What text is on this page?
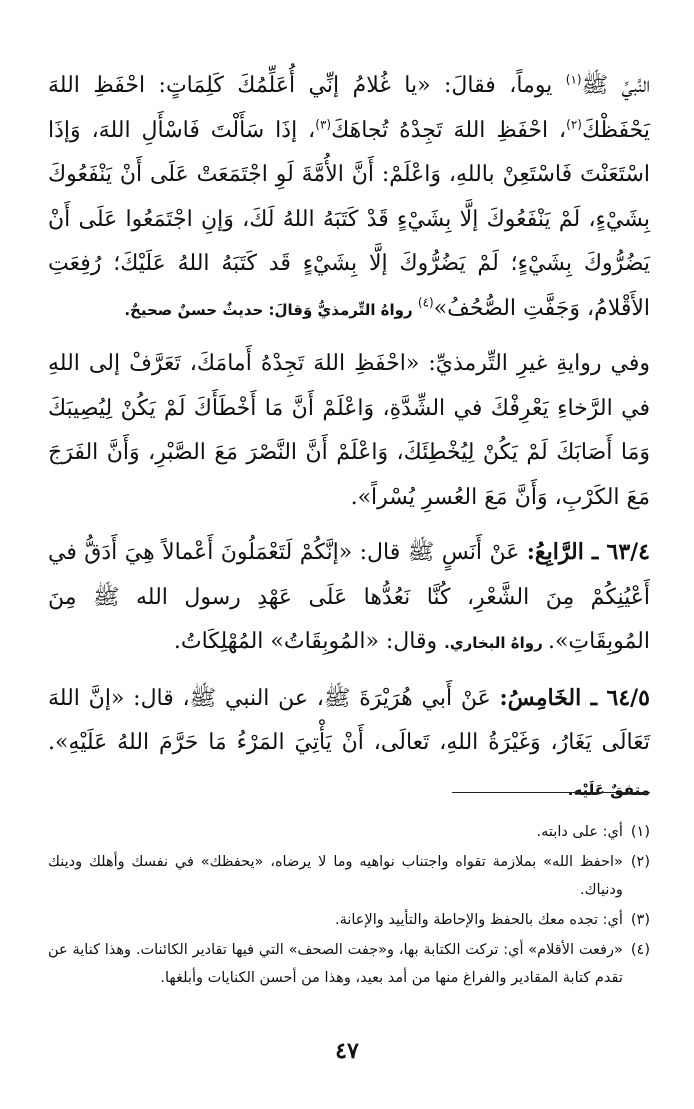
النَّبيِّ ﷺ$^{(١)}$ يوماً، فقالَ: «يا غُلامُ إنِّي أُعَلِّمُكَ كَلِمَاتٍ: احْفَظِ اللهَ يَحْفَظْكَ$^{(٢)}$، احْفَظِ اللهَ تَجِدْهُ تُجاهَكَ$^{(٣)}$، إذَا سَأَلْتَ فَاسْأَلِ اللهَ، وَإذَا اسْتَعَنْتَ فَاسْتَعِنْ باللهِ، وَاعْلَمْ: أَنَّ الأُمَّةَ لَوِ اجْتَمَعَتْ عَلَى أَنْ يَنْفَعُوكَ بِشَيْءٍ، لَمْ يَنْفَعُوكَ إلَّا بِشَيْءٍ قَدْ كَتَبَهُ اللهُ لَكَ، وَإنِ اجْتَمَعُوا عَلَى أَنْ يَضُرُّوكَ بِشَيْءٍ؛ لَمْ يَضُرُّوكَ إلَّا بِشَيْءٍ قَد كَتَبَهُ اللهُ عَلَيْكَ؛ رُفِعَتِ الأَقْلامُ، وَجَفَّتِ الصُّحُفُ»$^{(٤)}$ رواهُ التِّرمذيُّ وَقالَ: حديثٌ حسنٌ صحيحٌ.

وفي روايةِ غيرِ التِّرمذيِّ: «احْفَظِ اللهَ تَجِدْهُ أَمامَكَ، تَعَرَّفْ إلى اللهِ في الرَّخاءِ يَعْرِفْكَ في الشِّدَّةِ، وَاعْلَمْ أَنَّ مَا أَخْطَأَكَ لَمْ يَكُنْ لِيُصِيبَكَ وَمَا أَصَابَكَ لَمْ يَكُنْ لِيُخْطِئَكَ، وَاعْلَمْ أَنَّ النَّصْرَ مَعَ الصَّبْرِ، وَأَنَّ الفَرَجَ مَعَ الكَرْبِ، وَأَنَّ مَعَ العُسرِ يُسْراً».

٦٣/٤ ـ الرَّابِعُ: عَنْ أَنَسٍ ﷺ قال: «إنَّكُمْ لَتَعْمَلُونَ أَعْمالاً هِيَ أَدَقُّ في أَعْيُنِكُمْ مِنَ الشَّعْرِ، كُنَّا نَعُدُّها عَلَى عَهْدِ رسول الله ﷺ مِنَ المُوبِقَاتِ». رواهُ البخاري. وقال: «المُوبِقَاتُ» المُهْلِكَاتُ.

٦٤/٥ ـ الخَامِسُ: عَنْ أَبي هُرَيْرَةَ ﷺ، عن النبي ﷺ، قال: «إنَّ اللهَ تَعَالَى يَغَارُ، وَغَيْرَةُ اللهِ، تَعالَى، أَنْ يَأْتِيَ المَرْءُ مَا حَرَّمَ اللهُ عَلَيْهِ». متفقٌ عَلَيْه.

(١)
أي: على دابته.
(٢)
«احفظ الله» بملازمة تقواه واجتناب نواهيه وما لا يرضاه، «يحفظك» في نفسك وأهلك ودينك ودنياك.
(٣)
أي: تجده معك بالحفظ والإحاطة والتأييد والإعانة.
(٤)
«رفعت الأقلام» أي: تركت الكتابة بها، و«جفت الصحف» التي فيها تقادير الكائنات. وهذا كناية عن تقدم كتابة المقادير والفراغ منها من أمد بعيد، وهذا من أحسن الكنايات وأبلغها.
٤٧
